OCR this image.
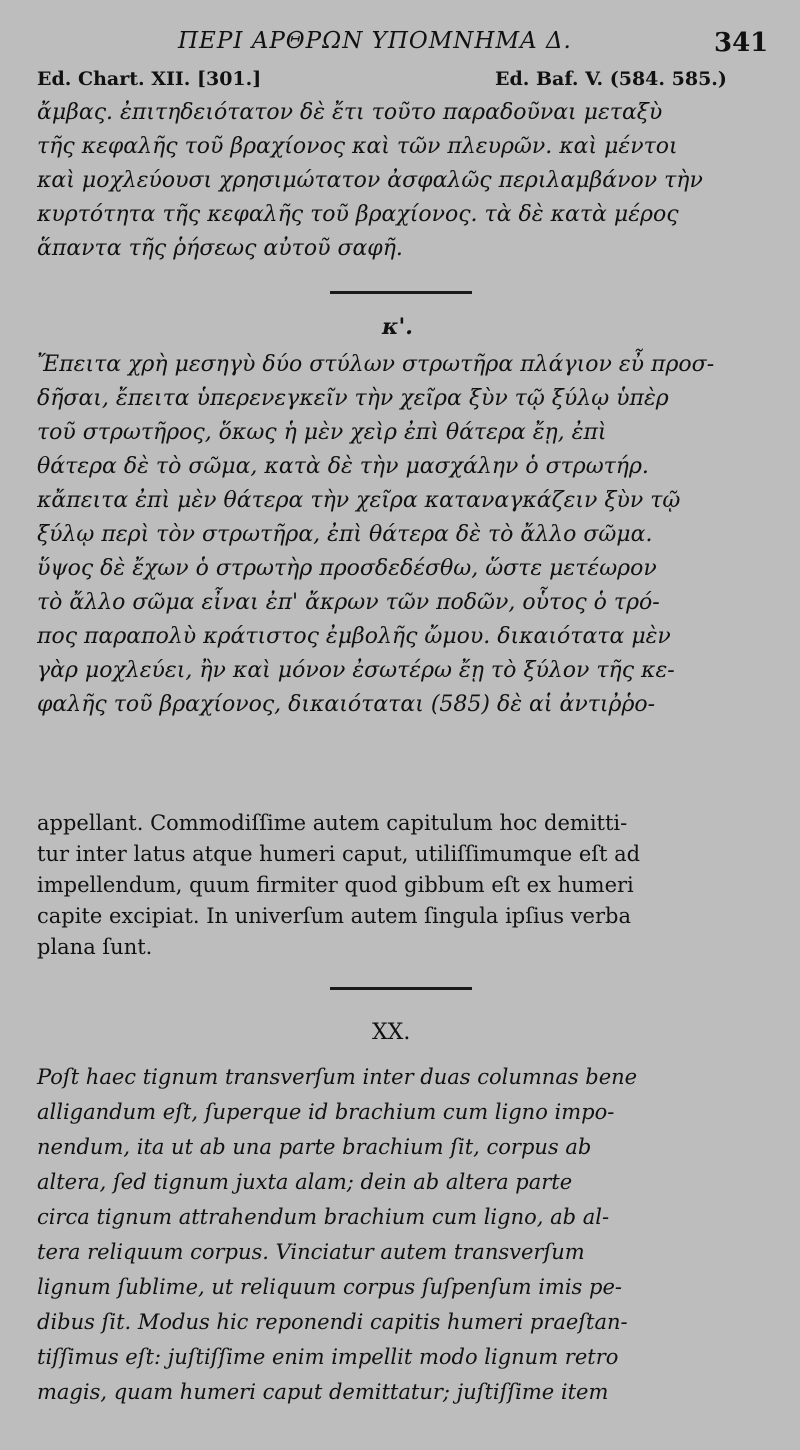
ΠΕΡΙ ΑΡΘΡΩΝ ΥΠΟΜΝΗΜΑ Δ.	341
Ed. Chart. XII. [301.]	Ed. Baf. V. (584. 585.)
ἄμβας. ἐπιτηδειότατον δὲ ἔτι τοῦτο παραδοῦναι μεταξὺ
τῆς κεφαλῆς τοῦ βραχίονος καὶ τῶν πλευρῶν. καὶ μέντοι
καὶ μοχλεύουσι χρησιμώτατον ἀσφαλῶς περιλαμβάνον τὴν
κυρτότητα τῆς κεφαλῆς τοῦ βραχίονος. τὰ δὲ κατὰ μέρος
ἅπαντα τῆς ῥήσεως αὐτοῦ σαφῆ.
κ'.
Ἔπειτα χρὴ μεσηγὺ δύο στύλων στρωτῆρα πλάγιον εὖ προσ-
δῆσαι, ἔπειτα ὑπερενεγκεῖν τὴν χεῖρα ξὺν τῷ ξύλῳ ὑπὲρ
τοῦ στρωτῆρος, ὅκως ἡ μὲν χεὶρ ἐπὶ θάτερα ἔῃ, ἐπὶ
θάτερα δὲ τὸ σῶμα, κατὰ δὲ τὴν μασχάλην ὁ στρωτήρ.
κἄπειτα ἐπὶ μὲν θάτερα τὴν χεῖρα καταναγκάζειν ξὺν τῷ
ξύλῳ περὶ τὸν στρωτῆρα, ἐπὶ θάτερα δὲ τὸ ἄλλο σῶμα.
ὕψος δὲ ἔχων ὁ στρωτὴρ προσδεδέσθω, ὥστε μετέωρον
τὸ ἄλλο σῶμα εἶναι ἐπ' ἄκρων τῶν ποδῶν, οὗτος ὁ τρό-
πος παραπολὺ κράτιστος ἐμβολῆς ὤμου. δικαιότατα μὲν
γὰρ μοχλεύει, ἢν καὶ μόνον ἐσωτέρω ἔῃ τὸ ξύλον τῆς κε-
φαλῆς τοῦ βραχίονος, δικαιόταται (585) δὲ αἱ ἀντιῤῥο-
appellant. Commodiſſime autem capitulum hoc demitti-
tur inter latus atque humeri caput, utiliſſimumque eſt ad
impellendum, quum firmiter quod gibbum eſt ex humeri
capite excipiat. In univerſum autem ſingula ipſius verba
plana ſunt.
XX.
Poſt haec tignum transverſum inter duas columnas bene
alligandum eſt, ſuperque id brachium cum ligno impo-
nendum, ita ut ab una parte brachium ſit, corpus ab
altera, ſed tignum juxta alam; dein ab altera parte
circa tignum attrahendum brachium cum ligno, ab al-
tera reliquum corpus. Vinciatur autem transverſum
lignum ſublime, ut reliquum corpus ſuſpenſum imis pe-
dibus ſit. Modus hic reponendi capitis humeri praeſtan-
tiſſimus eſt: juſtiſſime enim impellit modo lignum retro
magis, quam humeri caput demittatur; juſtiſſime item
